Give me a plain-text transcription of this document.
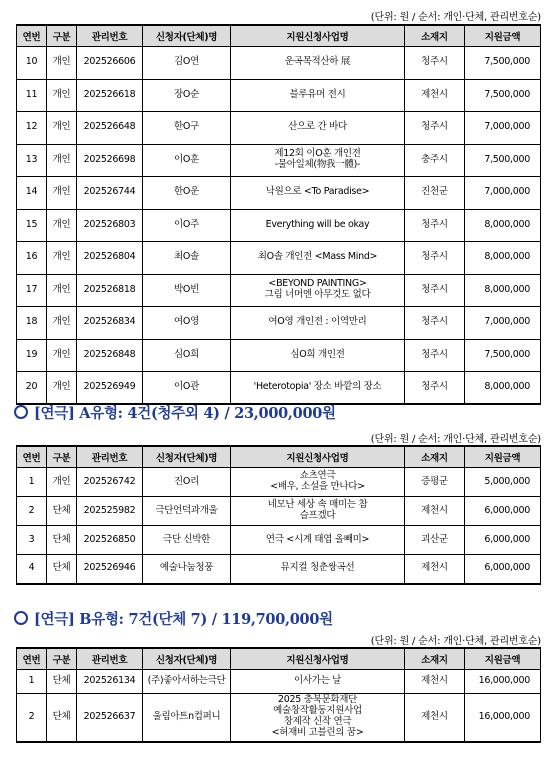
(단위: 원 / 순서: 개인·단체, 관리번호순)
연번	구분	관리번호	신청자(단체)명	지원신청사업명	소재지	지원금액
10	개인	202526606	김O연	운곡목적산하 展	청주시	7,500,000
11	개인	202526618	장O순	블루유머 전시	제천시	7,500,000
12	개인	202526648	한O구	산으로 간 바다	청주시	7,000,000
13	개인	202526698	이O훈	제12회 이O훈 개인전
-물아일체(物我一體)-	충주시	7,500,000
14	개인	202526744	한O운	낙원으로 <To Paradise>	진천군	7,000,000
15	개인	202526803	이O주	Everything will be okay	청주시	8,000,000
16	개인	202526804	최O솔	최O솔 개인전 <Mass Mind>	청주시	8,000,000
17	개인	202526818	박O빈	<BEYOND PAINTING>
그림 너머엔 아무것도 없다	청주시	8,000,000
18	개인	202526834	여O영	여O영 개인전 : 이역만리	청주시	7,000,000
19	개인	202526848	심O희	심O희 개인전	청주시	7,500,000
20	개인	202526949	이O관	'Heterotopia' 장소 바깥의 장소	청주시	8,000,000
[연극] A유형: 4건(청주외 4) / 23,000,000원
(단위: 원 / 순서: 개인·단체, 관리번호순)
연번	구분	관리번호	신청자(단체)명	지원신청사업명	소재지	지원금액
1	개인	202526742	진O리	쇼츠연극
<배우, 소설을 만나다>	증평군	5,000,000
2	단체	202525982	극단언덕과개울	네모난 세상 속 매미는 참
슬프겠다	제천시	6,000,000
3	단체	202526850	극단 신박한	연극 <시계 태엽 올빼미>	괴산군	6,000,000
4	단체	202526946	예술나눔청풍	뮤지컬 청춘쌍곡선	제천시	6,000,000
[연극] B유형: 7건(단체 7) / 119,700,000원
(단위: 원 / 순서: 개인·단체, 관리번호순)
연번	구분	관리번호	신청자(단체)명	지원신청사업명	소재지	지원금액
1	단체	202526134	(주)좋아서하는극단	이사가는 날	제천시	16,000,000
2	단체	202526637	울림아트n컴퍼니	2025 충북문화재단
예술창작활동지원사업
창제작 신작 연극
<허재비 고블린의 꿈>	제천시	16,000,000
